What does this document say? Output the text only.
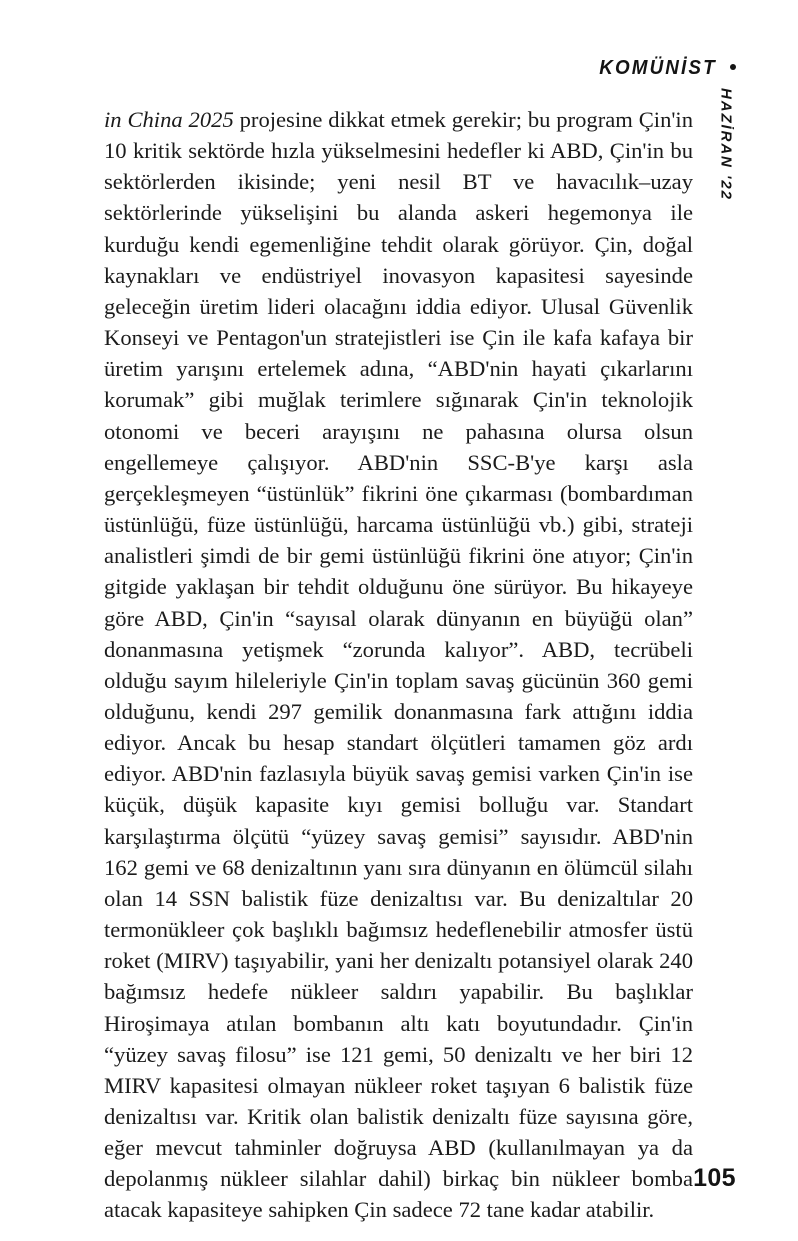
KOMÜNİST
HAZİRAN '22
in China 2025 projesine dikkat etmek gerekir; bu program Çin'in 10 kritik sektörde hızla yükselmesini hedefler ki ABD, Çin'in bu sektörlerden ikisinde; yeni nesil BT ve havacılık–uzay sektörlerinde yükselişini bu alanda askeri hegemonya ile kurduğu kendi egemenliğine tehdit olarak görüyor. Çin, doğal kaynakları ve endüstriyel inovasyon kapasitesi sayesinde geleceğin üretim lideri olacağını iddia ediyor. Ulusal Güvenlik Konseyi ve Pentagon'un stratejistleri ise Çin ile kafa kafaya bir üretim yarışını ertelemek adına, “ABD'nin hayati çıkarlarını korumak” gibi muğlak terimlere sığınarak Çin'in teknolojik otonomi ve beceri arayışını ne pahasına olursa olsun engellemeye çalışıyor. ABD'nin SSC-B'ye karşı asla gerçekleşmeyen “üstünlük” fikrini öne çıkarması (bombardıman üstünlüğü, füze üstünlüğü, harcama üstünlüğü vb.) gibi, strateji analistleri şimdi de bir gemi üstünlüğü fikrini öne atıyor; Çin'in gitgide yaklaşan bir tehdit olduğunu öne sürüyor. Bu hikayeye göre ABD, Çin'in “sayısal olarak dünyanın en büyüğü olan” donanmasına yetişmek “zorunda kalıyor”. ABD, tecrübeli olduğu sayım hileleriyle Çin'in toplam savaş gücünün 360 gemi olduğunu, kendi 297 gemilik donanmasına fark attığını iddia ediyor. Ancak bu hesap standart ölçütleri tamamen göz ardı ediyor. ABD'nin fazlasıyla büyük savaş gemisi varken Çin'in ise küçük, düşük kapasite kıyı gemisi bolluğu var. Standart karşılaştırma ölçütü “yüzey savaş gemisi” sayısıdır. ABD'nin 162 gemi ve 68 denizaltının yanı sıra dünyanın en ölümcül silahı olan 14 SSN balistik füze denizaltısı var. Bu denizaltılar 20 termonükleer çok başlıklı bağımsız hedeflenebilir atmosfer üstü roket (MIRV) taşıyabilir, yani her denizaltı potansiyel olarak 240 bağımsız hedefe nükleer saldırı yapabilir. Bu başlıklar Hiroşimaya atılan bombanın altı katı boyutundadır. Çin'in “yüzey savaş filosu” ise 121 gemi, 50 denizaltı ve her biri 12 MIRV kapasitesi olmayan nükleer roket taşıyan 6 balistik füze denizaltısı var. Kritik olan balistik denizaltı füze sayısına göre, eğer mevcut tahminler doğruysa ABD (kullanılmayan ya da depolanmış nükleer silahlar dahil) birkaç bin nükleer bomba atacak kapasiteye sahipken Çin sadece 72 tane kadar atabilir.
105
